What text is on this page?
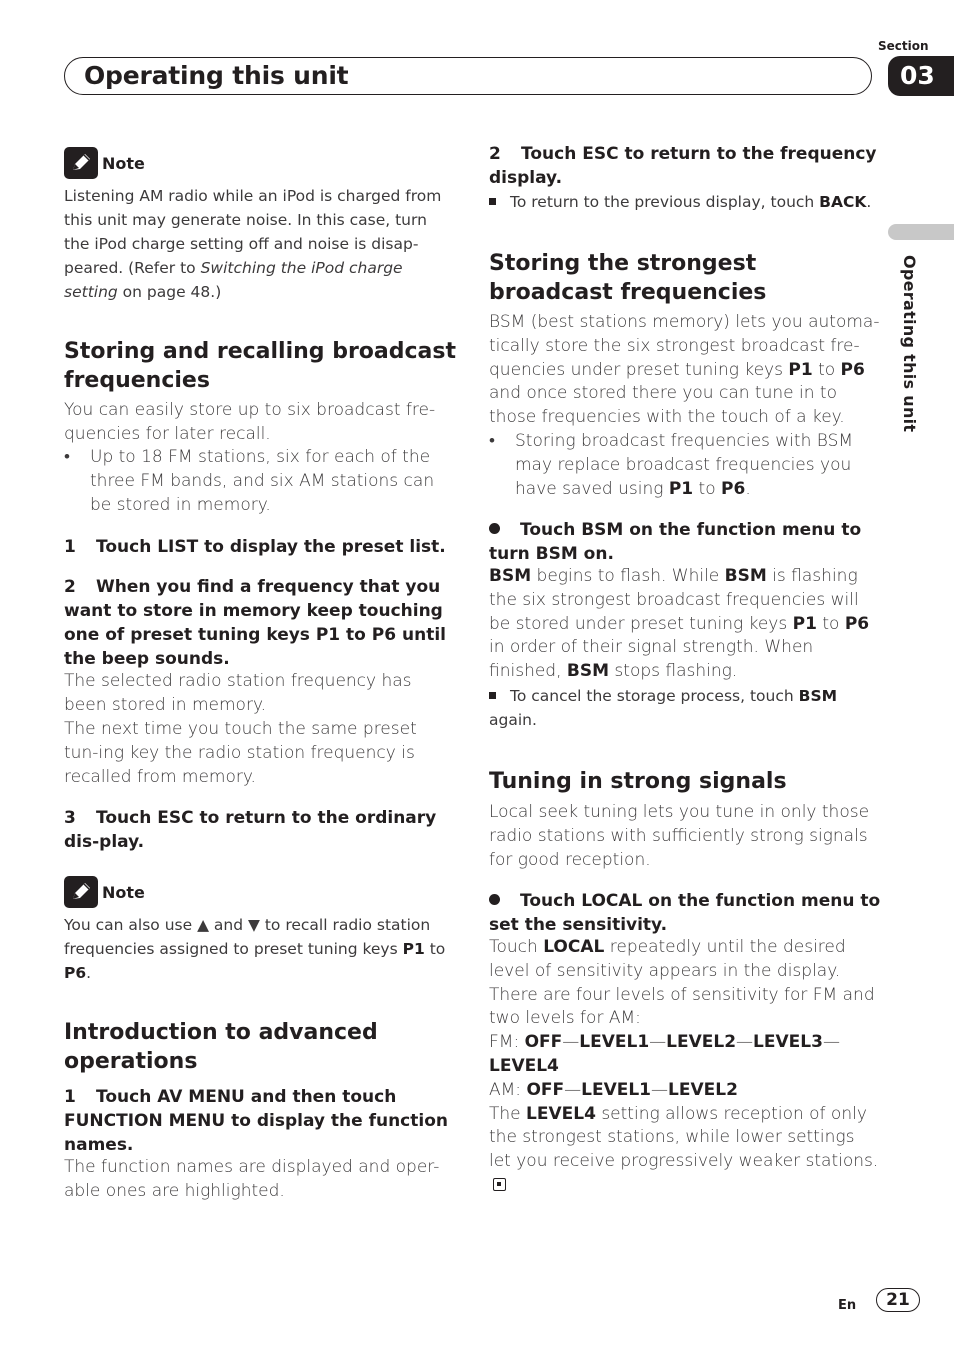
Section
Operating this unit	03
Operating this unit
Note
Listening AM radio while an iPod is charged from this unit may generate noise. In this case, turn the iPod charge setting off and noise is disap-peared. (Refer to Switching the iPod charge setting on page 48.)
Storing and recalling broadcast frequencies
You can easily store up to six broadcast fre-quencies for later recall.
• Up to 18 FM stations, six for each of the three FM bands, and six AM stations can be stored in memory.
1 Touch LIST to display the preset list.
2 When you find a frequency that you want to store in memory keep touching one of preset tuning keys P1 to P6 until the beep sounds.
The selected radio station frequency has been stored in memory.
The next time you touch the same preset tun-ing key the radio station frequency is recalled from memory.
3 Touch ESC to return to the ordinary dis-play.
Note
You can also use ▲ and ▼ to recall radio station frequencies assigned to preset tuning keys P1 to
P6.
Introduction to advanced operations
1 Touch AV MENU and then touch FUNCTION MENU to display the function names.
The function names are displayed and oper-able ones are highlighted.
2 Touch ESC to return to the frequency display.
To return to the previous display, touch BACK.
Storing the strongest broadcast frequencies
BSM (best stations memory) lets you automa-tically store the six strongest broadcast fre-quencies under preset tuning keys P1 to P6 and once stored there you can tune in to those frequencies with the touch of a key.
• Storing broadcast frequencies with BSM may replace broadcast frequencies you have saved using P1 to P6.
Touch BSM on the function menu to turn BSM on.
BSM begins to flash. While BSM is flashing the six strongest broadcast frequencies will be stored under preset tuning keys P1 to P6 in order of their signal strength. When finished, BSM stops flashing.
To cancel the storage process, touch BSM
again.
Tuning in strong signals
Local seek tuning lets you tune in only those radio stations with sufficiently strong signals for good reception.
Touch LOCAL on the function menu to set the sensitivity.
Touch LOCAL repeatedly until the desired level of sensitivity appears in the display.
There are four levels of sensitivity for FM and two levels for AM:
FM: OFF—LEVEL1—LEVEL2—LEVEL3—
LEVEL4
AM: OFF—LEVEL1—LEVEL2
The LEVEL4 setting allows reception of only the strongest stations, while lower settings let you receive progressively weaker stations.
En	21
